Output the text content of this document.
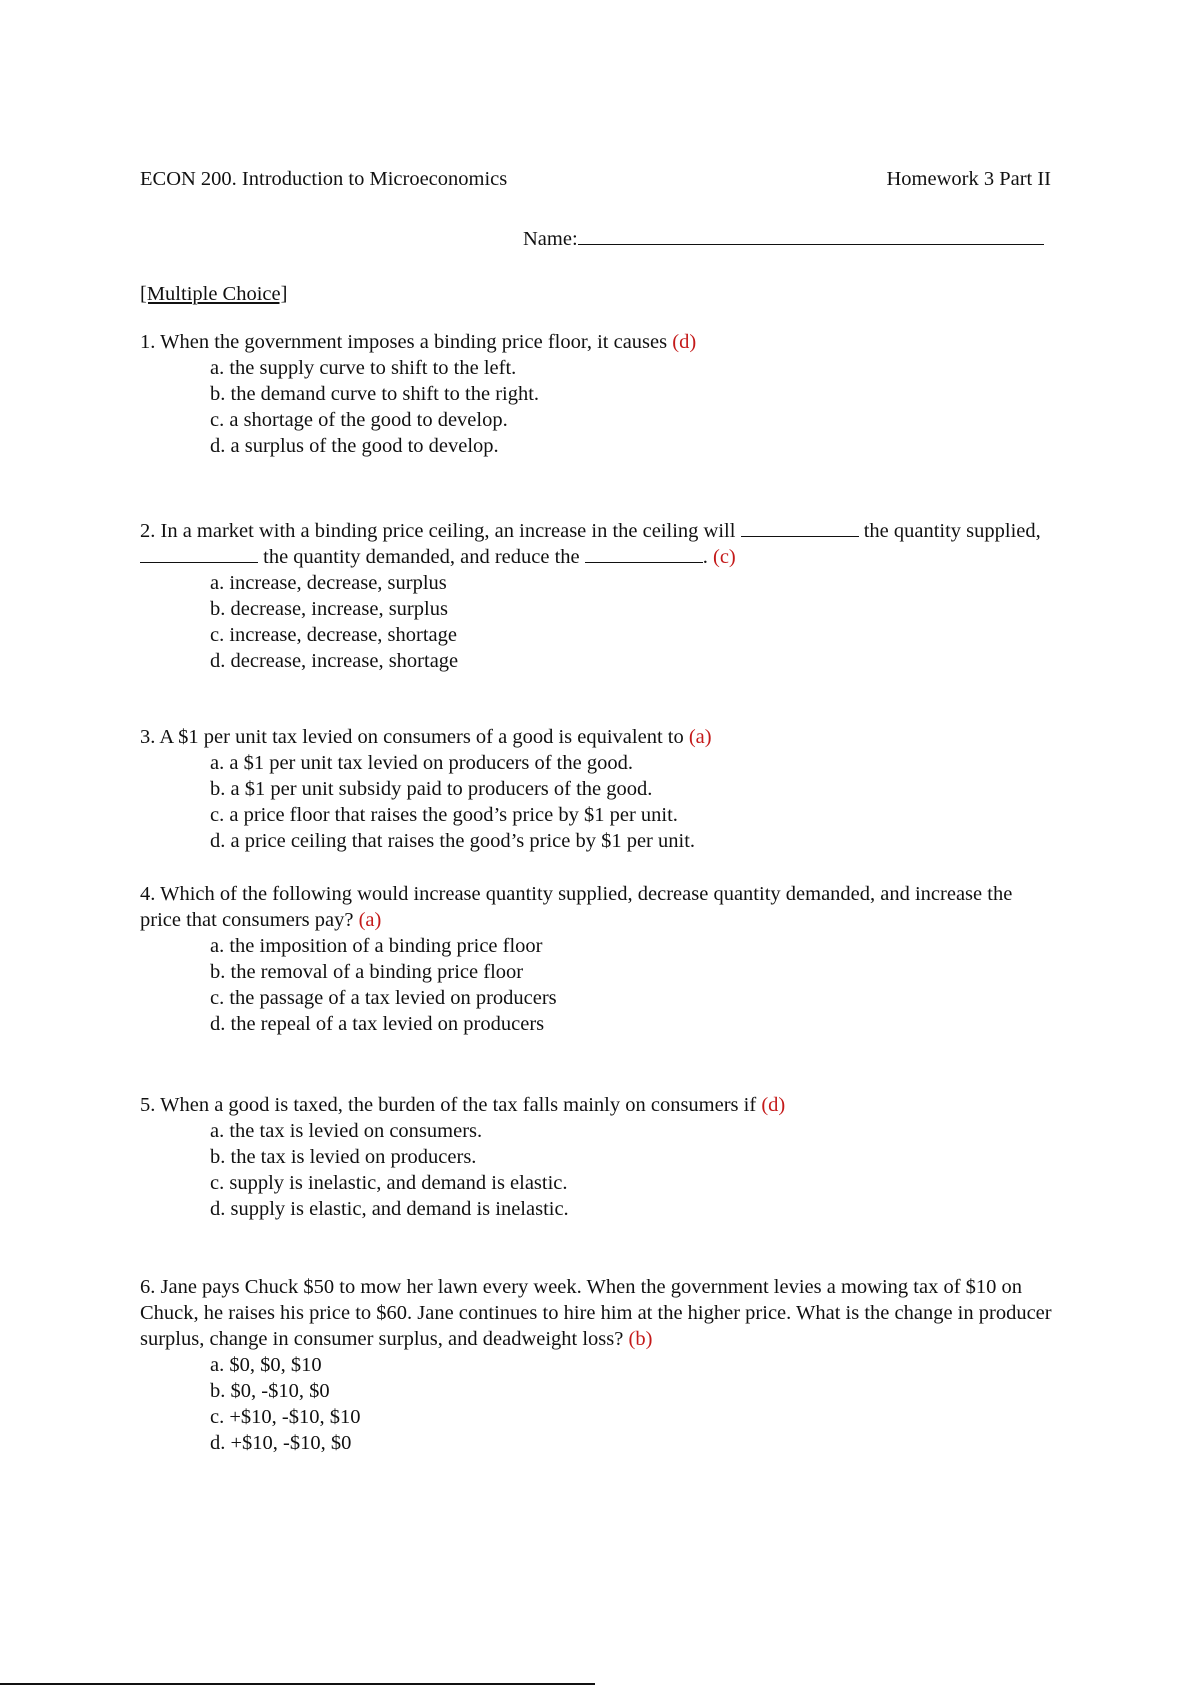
ECON 200. Introduction to Microeconomics	Homework 3 Part II
Name:
[Multiple Choice]

1. When the government imposes a binding price floor, it causes (d)

a. the supply curve to shift to the left.
b. the demand curve to shift to the right.
c. a shortage of the good to develop.
d. a surplus of the good to develop.

2. In a market with a binding price ceiling, an increase in the ceiling will	the quantity supplied,  the quantity demanded, and reduce the	. (c)

a. increase, decrease, surplus
b. decrease, increase, surplus
c. increase, decrease, shortage
d. decrease, increase, shortage

3. A $1 per unit tax levied on consumers of a good is equivalent to (a)

a. a $1 per unit tax levied on producers of the good.
b. a $1 per unit subsidy paid to producers of the good.
c. a price floor that raises the good’s price by $1 per unit.
d. a price ceiling that raises the good’s price by $1 per unit.

4. Which of the following would increase quantity supplied, decrease quantity demanded, and increase the price that consumers pay? (a)

a. the imposition of a binding price floor
b. the removal of a binding price floor
c. the passage of a tax levied on producers
d. the repeal of a tax levied on producers

5. When a good is taxed, the burden of the tax falls mainly on consumers if (d)

a. the tax is levied on consumers.
b. the tax is levied on producers.
c. supply is inelastic, and demand is elastic.
d. supply is elastic, and demand is inelastic.

6. Jane pays Chuck $50 to mow her lawn every week. When the government levies a mowing tax of $10 on Chuck, he raises his price to $60. Jane continues to hire him at the higher price. What is the change in producer surplus, change in consumer surplus, and deadweight loss? (b)

a. $0, $0, $10
b. $0, -$10, $0
c. +$10, -$10, $10
d. +$10, -$10, $0
